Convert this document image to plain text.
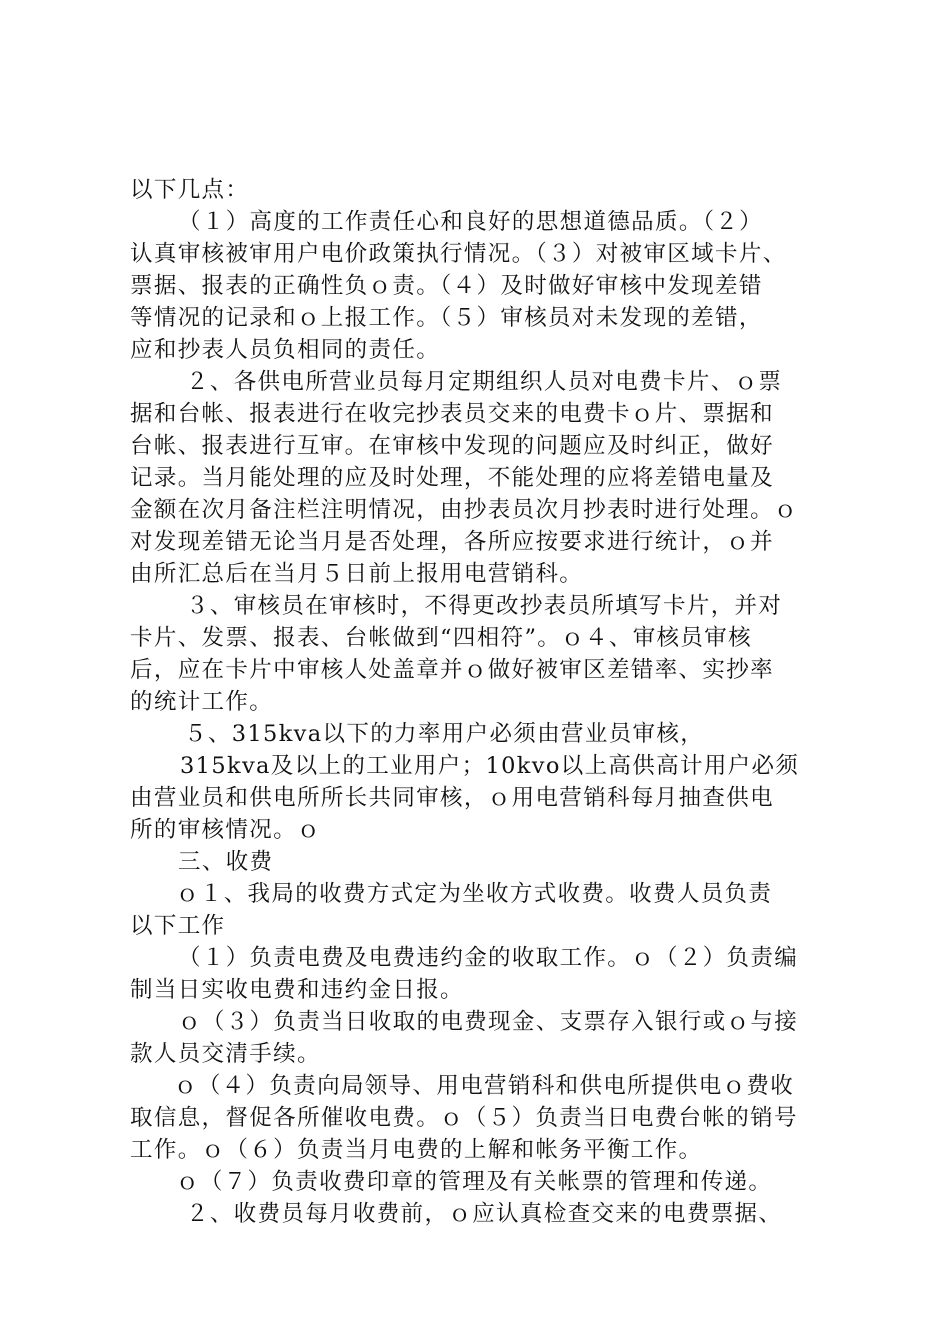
以下几点：
（１）高度的工作责任心和良好的思想道德品质。（２）
认真审核被审用户电价政策执行情况。（３）对被审区域卡片、
票据、报表的正确性负ｏ责。（４）及时做好审核中发现差错
等情况的记录和ｏ上报工作。（５）审核员对未发现的差错，
应和抄表人员负相同的责任。
２、各供电所营业员每月定期组织人员对电费卡片、ｏ票
据和台帐、报表进行在收完抄表员交来的电费卡ｏ片、票据和
台帐、报表进行互审。在审核中发现的问题应及时纠正，做好
记录。当月能处理的应及时处理，不能处理的应将差错电量及
金额在次月备注栏注明情况，由抄表员次月抄表时进行处理。ｏ
对发现差错无论当月是否处理，各所应按要求进行统计，ｏ并
由所汇总后在当月５日前上报用电营销科。
３、审核员在审核时，不得更改抄表员所填写卡片，并对
卡片、发票、报表、台帐做到“四相符”。ｏ４、审核员审核
后，应在卡片中审核人处盖章并ｏ做好被审区差错率、实抄率
的统计工作。
５、315kva以下的力率用户必须由营业员审核，
315kva及以上的工业用户；10kvo以上高供高计用户必须
由营业员和供电所所长共同审核，ｏ用电营销科每月抽查供电
所的审核情况。ｏ
三、收费
ｏ１、我局的收费方式定为坐收方式收费。收费人员负责
以下工作
（１）负责电费及电费违约金的收取工作。ｏ（２）负责编
制当日实收电费和违约金日报。
ｏ（３）负责当日收取的电费现金、支票存入银行或ｏ与接
款人员交清手续。
ｏ（４）负责向局领导、用电营销科和供电所提供电ｏ费收
取信息，督促各所催收电费。ｏ（５）负责当日电费台帐的销号
工作。ｏ（６）负责当月电费的上解和帐务平衡工作。
ｏ（７）负责收费印章的管理及有关帐票的管理和传递。
２、收费员每月收费前，ｏ应认真检查交来的电费票据、
